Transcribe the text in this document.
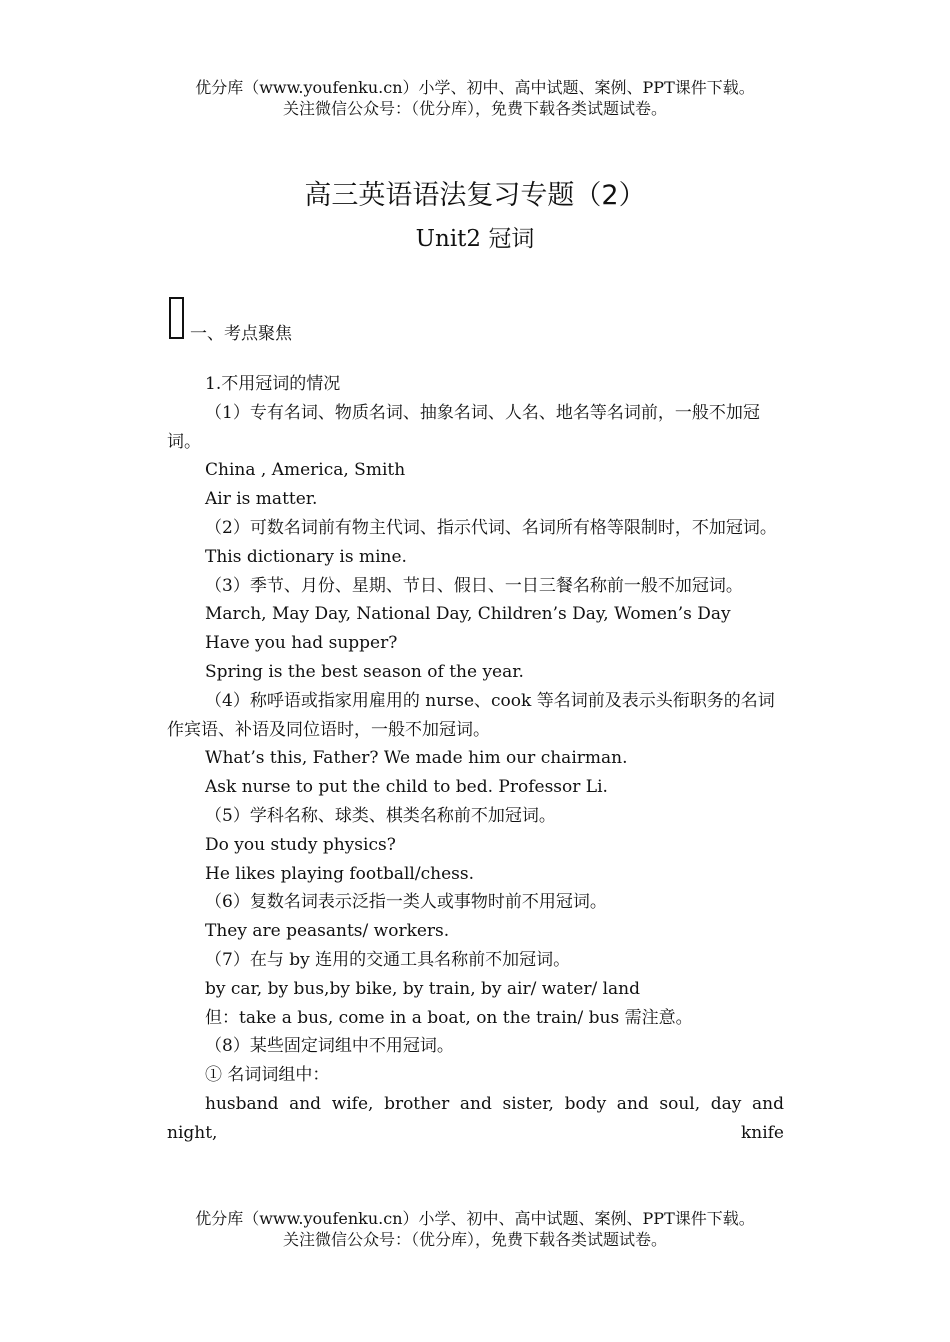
优分库（www.youfenku.cn）小学、初中、高中试题、案例、PPT课件下载。
关注微信公众号：（优分库），免费下载各类试题试卷。
高三英语语法复习专题（2）
Unit2 冠词
一、考点聚焦

1.不用冠词的情况

（1）专有名词、物质名词、抽象名词、人名、地名等名词前，一般不加冠词。

China , America, Smith

Air is matter.

（2）可数名词前有物主代词、指示代词、名词所有格等限制时，不加冠词。

This dictionary is mine.

（3）季节、月份、星期、节日、假日、一日三餐名称前一般不加冠词。

March, May Day, National Day, Children’s Day, Women’s Day

Have you had supper?

Spring is the best season of the year.

（4）称呼语或指家用雇用的 nurse、cook 等名词前及表示头衔职务的名词作宾语、补语及同位语时，一般不加冠词。

What’s this, Father? We made him our chairman.

Ask nurse to put the child to bed. Professor Li.

（5）学科名称、球类、棋类名称前不加冠词。

Do you study physics?

He likes playing football/chess.

（6）复数名词表示泛指一类人或事物时前不用冠词。

They are peasants/ workers.

（7）在与 by 连用的交通工具名称前不加冠词。

by car, by bus,by bike, by train, by air/ water/ land

但：take a bus, come in a boat, on the train/ bus 需注意。

（8）某些固定词组中不用冠词。

① 名词词组中：

husband and wife, brother and sister, body and soul, day and night, knife

优分库（www.youfenku.cn）小学、初中、高中试题、案例、PPT课件下载。
关注微信公众号：（优分库），免费下载各类试题试卷。
